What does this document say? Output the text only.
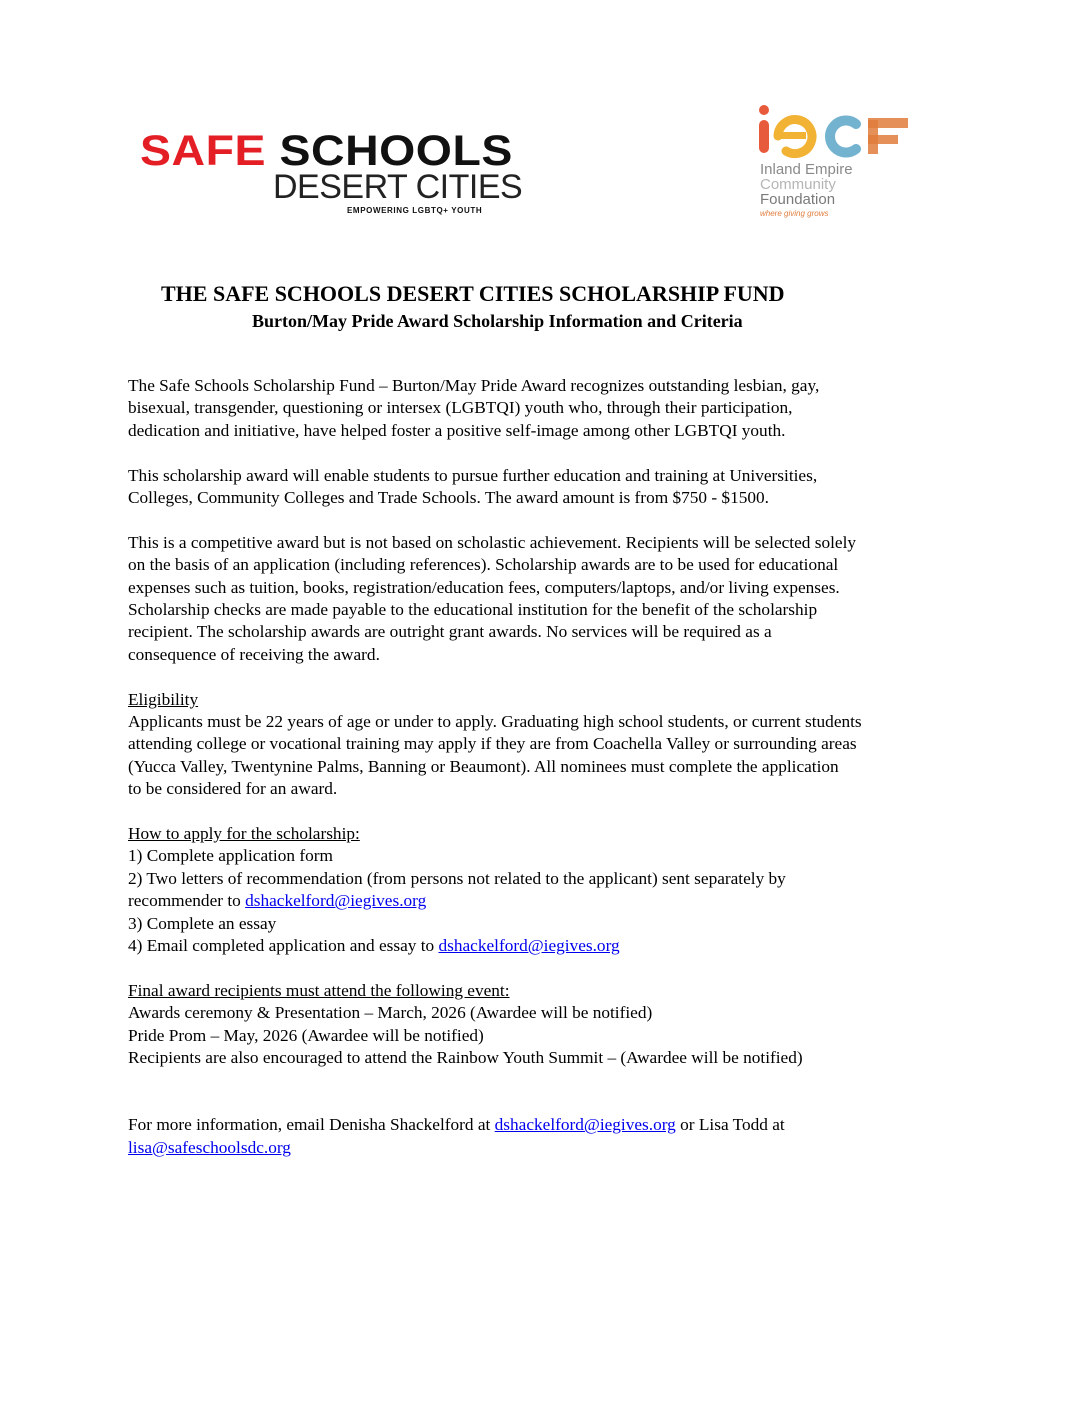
SAFE SCHOOLS
DESERT CITIES
EMPOWERING LGBTQ+ YOUTH
Inland Empire
Community
Foundation
where giving grows
THE SAFE SCHOOLS DESERT CITIES SCHOLARSHIP FUND
Burton/May Pride Award Scholarship Information and Criteria

The Safe Schools Scholarship Fund – Burton/May Pride Award recognizes outstanding lesbian, gay,
bisexual, transgender, questioning or intersex (LGBTQI) youth who, through their participation,
dedication and initiative, have helped foster a positive self-image among other LGBTQI youth.

This scholarship award will enable students to pursue further education and training at Universities,
Colleges, Community Colleges and Trade Schools. The award amount is from $750 - $1500.

This is a competitive award but is not based on scholastic achievement. Recipients will be selected solely
on the basis of an application (including references). Scholarship awards are to be used for educational
expenses such as tuition, books, registration/education fees, computers/laptops, and/or living expenses.
Scholarship checks are made payable to the educational institution for the benefit of the scholarship
recipient. The scholarship awards are outright grant awards. No services will be required as a
consequence of receiving the award.

Eligibility
Applicants must be 22 years of age or under to apply. Graduating high school students, or current students
attending college or vocational training may apply if they are from Coachella Valley or surrounding areas
(Yucca Valley, Twentynine Palms, Banning or Beaumont). All nominees must complete the application
to be considered for an award.

How to apply for the scholarship:
1) Complete application form
2) Two letters of recommendation (from persons not related to the applicant) sent separately by
recommender to dshackelford@iegives.org
3) Complete an essay
4) Email completed application and essay to dshackelford@iegives.org

Final award recipients must attend the following event:
Awards ceremony & Presentation – March, 2026 (Awardee will be notified)
Pride Prom – May, 2026 (Awardee will be notified)
Recipients are also encouraged to attend the Rainbow Youth Summit – (Awardee will be notified)

For more information, email Denisha Shackelford at dshackelford@iegives.org or Lisa Todd at
lisa@safeschoolsdc.org
